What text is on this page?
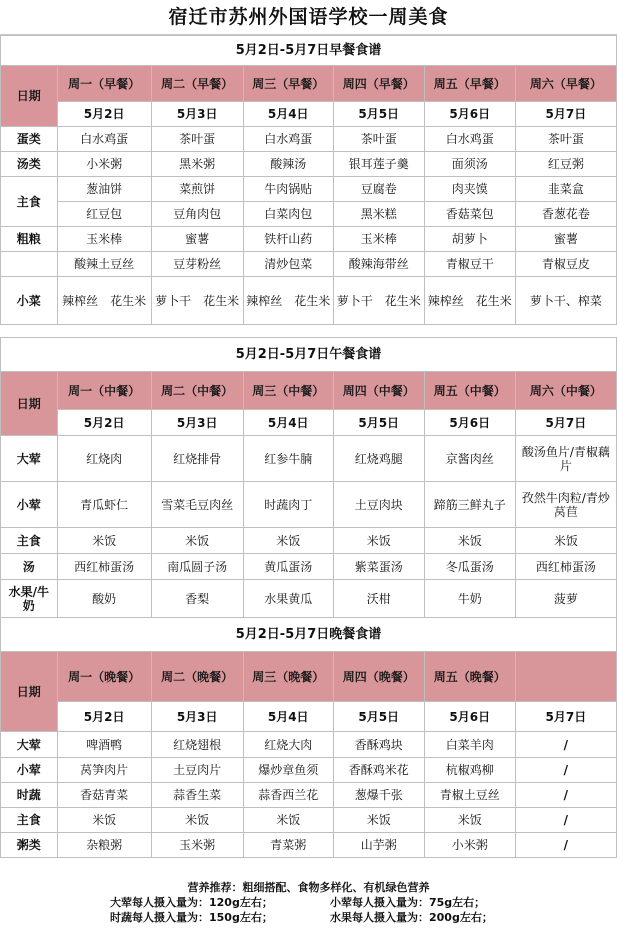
宿迁市苏州外国语学校一周美食
5月2日-5月7日早餐食谱						
日期	周一（早餐）	周二（早餐）	周三（早餐）	周四（早餐）	周五（早餐）	周六（早餐）
	5月2日	5月3日	5月4日	5月5日	5月6日	5月7日
蛋类	白水鸡蛋	茶叶蛋	白水鸡蛋	茶叶蛋	白水鸡蛋	茶叶蛋
汤类	小米粥	黑米粥	酸辣汤	银耳莲子羹	面须汤	红豆粥
主食	葱油饼	菜煎饼	牛肉锅贴	豆腐卷	肉夹馍	韭菜盒
	红豆包	豆角肉包	白菜肉包	黑米糕	香菇菜包	香葱花卷
粗粮	玉米棒	蜜薯	铁杆山药	玉米棒	胡萝卜	蜜薯
	酸辣土豆丝	豆芽粉丝	清炒包菜	酸辣海带丝	青椒豆干	青椒豆皮
小菜	辣榨丝　花生米	萝卜干　花生米	辣榨丝　花生米	萝卜干　花生米	辣榨丝　花生米	萝卜干、榨菜
5月2日-5月7日午餐食谱						
日期	周一（中餐）	周二（中餐）	周三（中餐）	周四（中餐）	周五（中餐）	周六（中餐）
	5月2日	5月3日	5月4日	5月5日	5月6日	5月7日
大荤	红烧肉	红烧排骨	红参牛腩	红烧鸡腿	京酱肉丝	酸汤鱼片/青椒藕片
小荤	青瓜虾仁	雪菜毛豆肉丝	时蔬肉丁	土豆肉块	蹄筋三鲜丸子	孜然牛肉粒/青炒莴苣
主食	米饭	米饭	米饭	米饭	米饭	米饭
汤	西红柿蛋汤	南瓜圆子汤	黄瓜蛋汤	紫菜蛋汤	冬瓜蛋汤	西红柿蛋汤
水果/牛奶	酸奶	香梨	水果黄瓜	沃柑	牛奶	菠萝
5月2日-5月7日晚餐食谱						
日期	周一（晚餐）	周二（晚餐）	周三（晚餐）	周四（晚餐）	周五（晚餐）	
	5月2日	5月3日	5月4日	5月5日	5月6日	5月7日
大荤	啤酒鸭	红烧翅根	红烧大肉	香酥鸡块	白菜羊肉	/
小荤	莴笋肉片	土豆肉片	爆炒章鱼须	香酥鸡米花	杭椒鸡柳	/
时蔬	香菇青菜	蒜香生菜	蒜香西兰花	葱爆千张	青椒土豆丝	/
主食	米饭	米饭	米饭	米饭	米饭	/
粥类	杂粮粥	玉米粥	青菜粥	山芋粥	小米粥	/
营养推荐：粗细搭配、食物多样化、有机绿色营养
大荤每人摄入量为：120g左右；	小荤每人摄入量为：75g左右；
时蔬每人摄入量为：150g左右；	水果每人摄入量为：200g左右；
